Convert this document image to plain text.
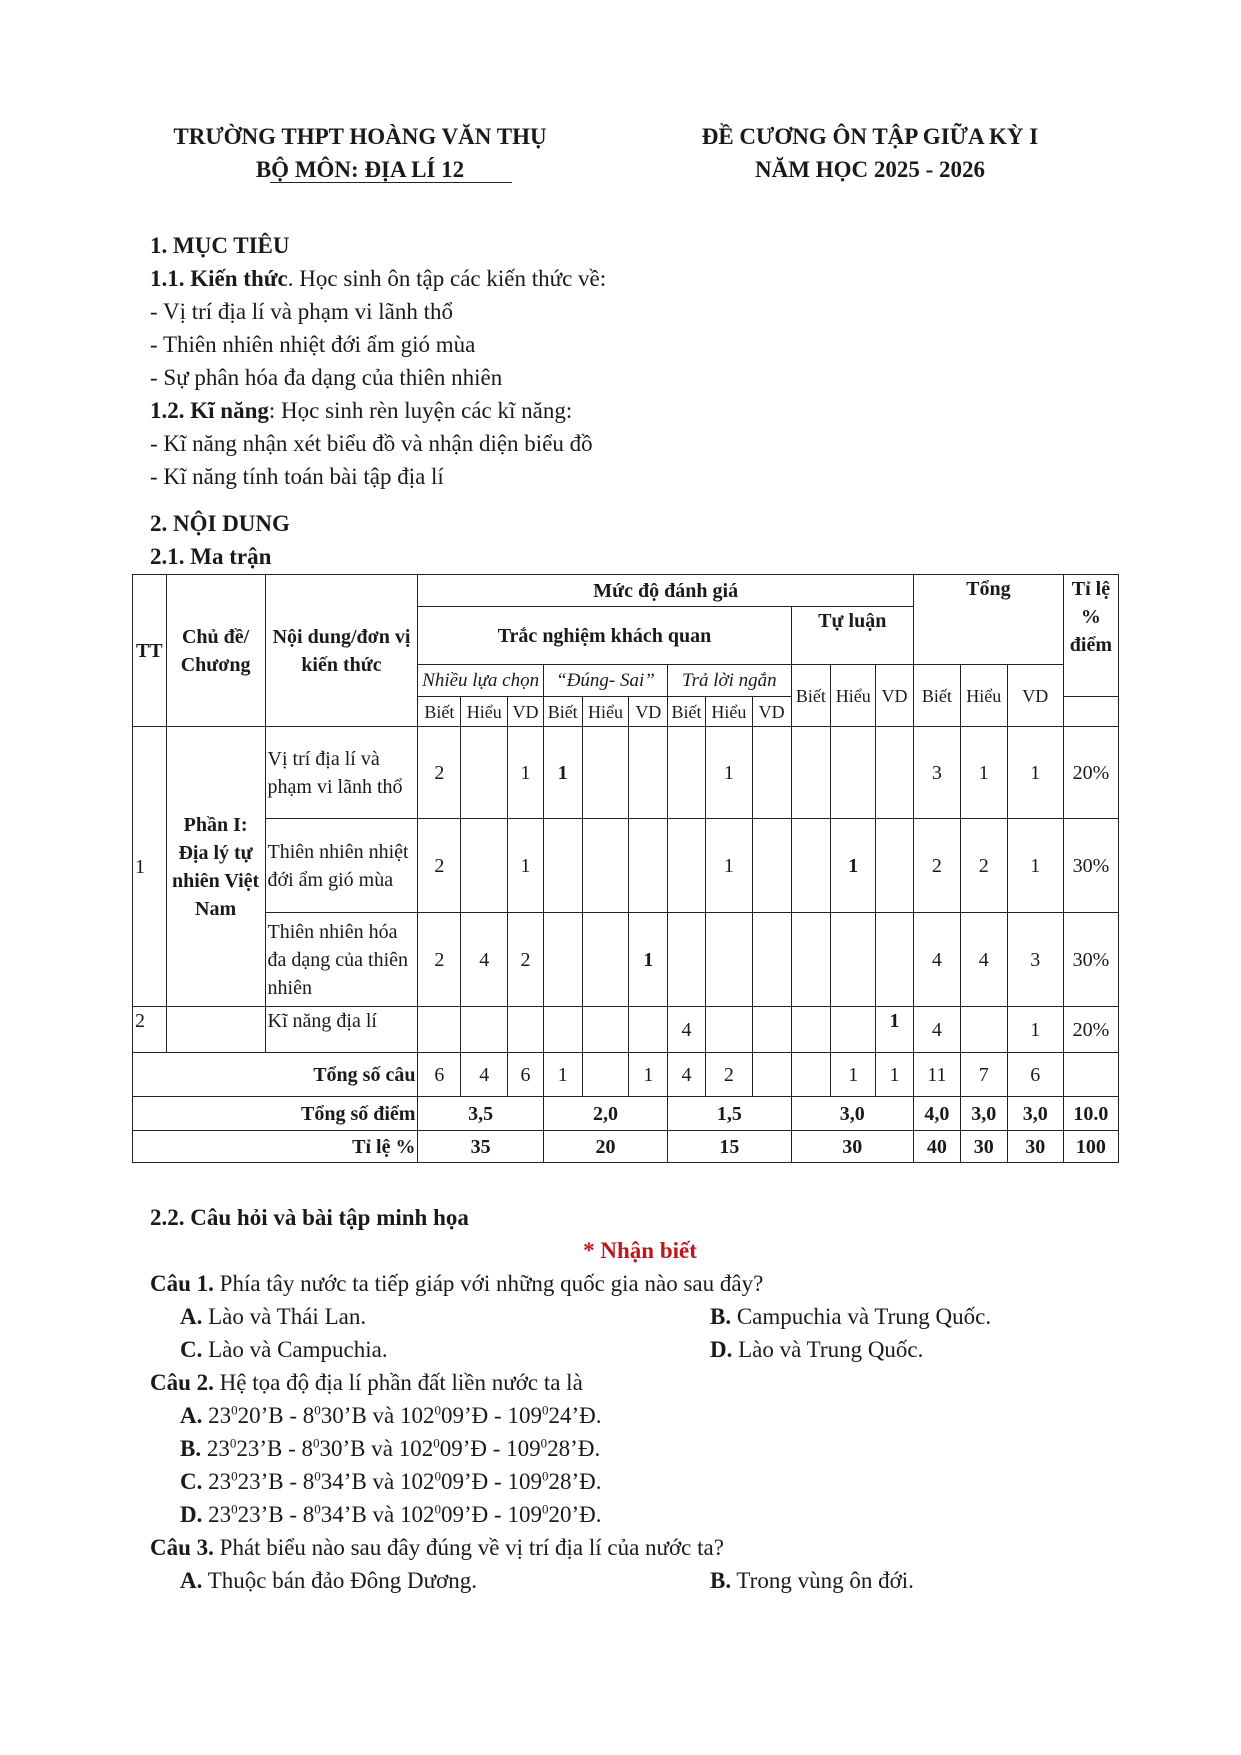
TRƯỜNG THPT HOÀNG VĂN THỤ
BỘ MÔN: ĐỊA LÍ 12
ĐỀ CƯƠNG ÔN TẬP GIỮA KỲ I
NĂM HỌC 2025 - 2026
1. MỤC TIÊU
1.1. Kiến thức. Học sinh ôn tập các kiến thức về:
- Vị trí địa lí và phạm vi lãnh thổ
- Thiên nhiên nhiệt đới ẩm gió mùa
- Sự phân hóa đa dạng của thiên nhiên
1.2. Kĩ năng: Học sinh rèn luyện các kĩ năng:
- Kĩ năng nhận xét biểu đồ và nhận diện biểu đồ
- Kĩ năng tính toán bài tập địa lí
2. NỘI DUNG
2.1. Ma trận
TT	Chủ đề/ Chương	Nội dung/đơn vị kiến thức	Mức độ đánh giá												Tổng			Tỉ lệ % điểm
			Trắc nghiệm khách quan									Tự luận						
			Nhiều lựa chọn			“Đúng- Sai”			Trả lời ngắn			Biết	Hiểu	VD	Biết	Hiểu	VD	
			Biết	Hiểu	VD	Biết	Hiểu	VD	Biết	Hiểu	VD							
1	Phần I: Địa lý tự nhiên Việt Nam	Vị trí địa lí và phạm vi lãnh thổ	2		1	1				1					3	1	1	20%
		Thiên nhiên nhiệt đới ẩm gió mùa	2		1					1			1		2	2	1	30%
		Thiên nhiên hóa đa dạng của thiên nhiên	2	4	2			1							4	4	3	30%
2		Kĩ năng địa lí							4					1	4		1	20%
Tổng số câu			6	4	6	1		1	4	2			1	1	11	7	6	
Tổng số điểm			3,5			2,0			1,5			3,0			4,0	3,0	3,0	10.0
Tỉ lệ %			35			20			15			30			40	30	30	100
2.2. Câu hỏi và bài tập minh họa
* Nhận biết
Câu 1. Phía tây nước ta tiếp giáp với những quốc gia nào sau đây?
A. Lào và Thái Lan.	B. Campuchia và Trung Quốc.
C. Lào và Campuchia.	D. Lào và Trung Quốc.
Câu 2. Hệ tọa độ địa lí phần đất liền nước ta là
A. $23^020’B$ - $8^030’B$ và $102^009’Đ$ - $109^024’Đ$.
B. $23^023’B$ - $8^030’B$ và $102^009’Đ$ - $109^028’Đ$.
C. $23^023’B$ - $8^034’B$ và $102^009’Đ$ - $109^028’Đ$.
D. $23^023’B$ - $8^034’B$ và $102^009’Đ$ - $109^020’Đ$.
Câu 3. Phát biểu nào sau đây đúng về vị trí địa lí của nước ta?
A. Thuộc bán đảo Đông Dương.	B. Trong vùng ôn đới.
